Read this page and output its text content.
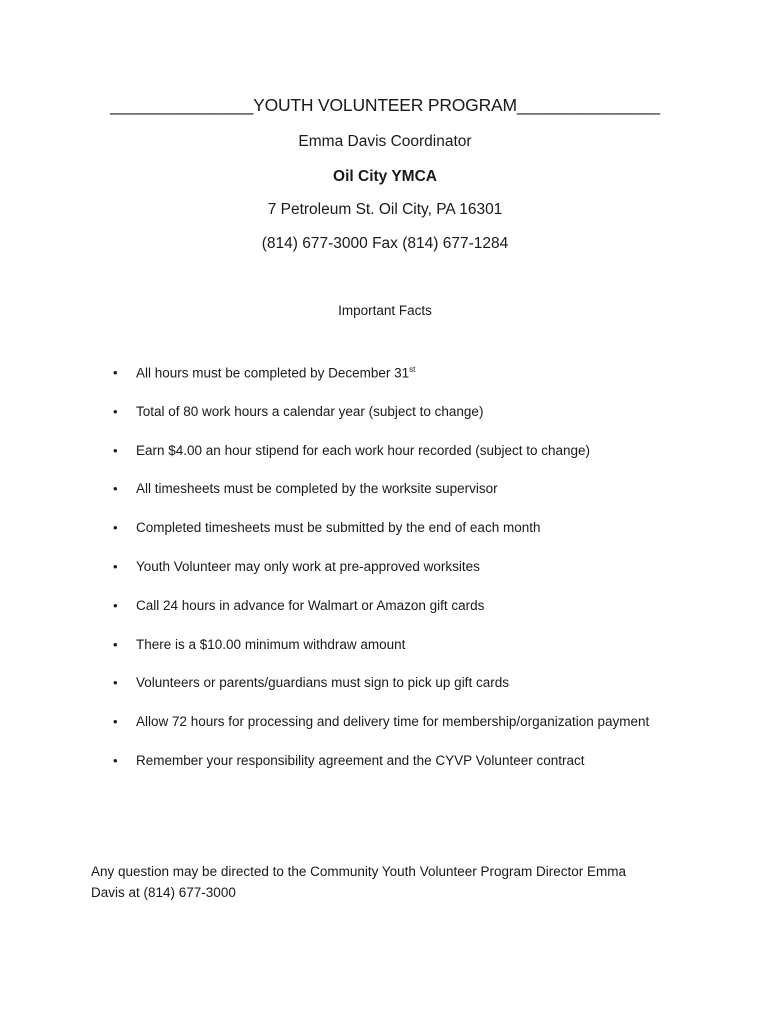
_______________YOUTH VOLUNTEER PROGRAM_______________
Emma Davis Coordinator
Oil City YMCA
7 Petroleum St. Oil City, PA 16301
(814) 677-3000 Fax (814) 677-1284
Important Facts
• All hours must be completed by December 31st
• Total of 80 work hours a calendar year (subject to change)
• Earn $4.00 an hour stipend for each work hour recorded (subject to change)
• All timesheets must be completed by the worksite supervisor
• Completed timesheets must be submitted by the end of each month
• Youth Volunteer may only work at pre-approved worksites
• Call 24 hours in advance for Walmart or Amazon gift cards
• There is a $10.00 minimum withdraw amount
• Volunteers or parents/guardians must sign to pick up gift cards
• Allow 72 hours for processing and delivery time for membership/organization payment
• Remember your responsibility agreement and the CYVP Volunteer contract
Any question may be directed to the Community Youth Volunteer Program Director Emma
Davis at (814) 677-3000
